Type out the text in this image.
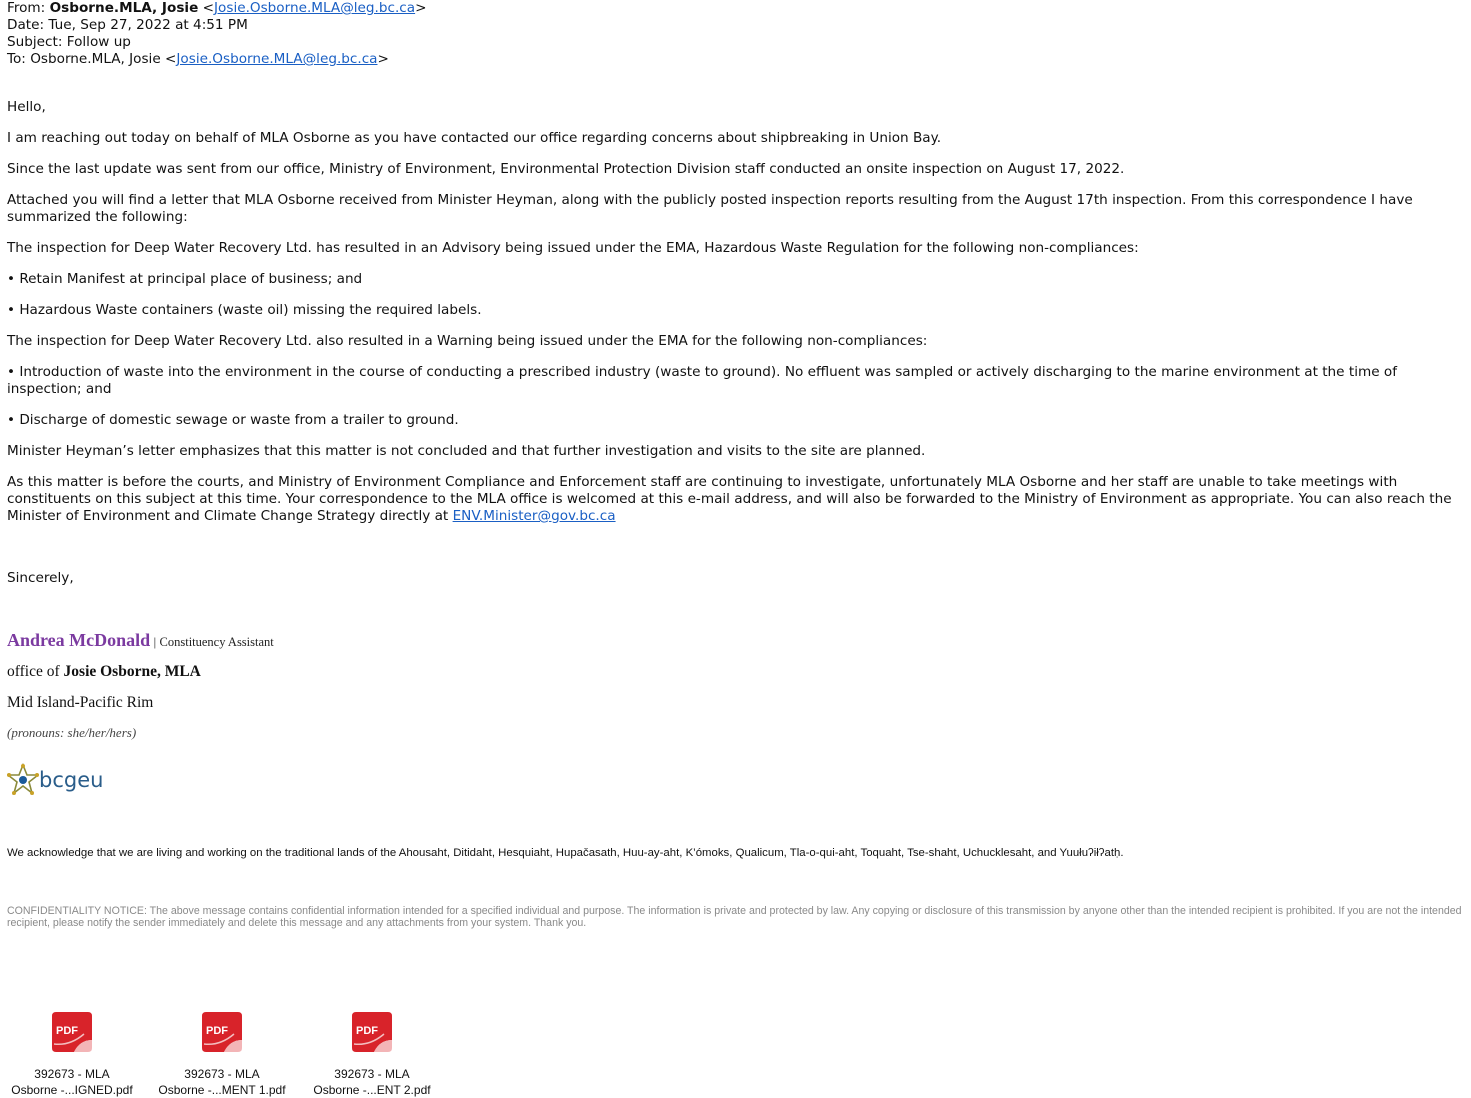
From: Osborne.MLA, Josie <Josie.Osborne.MLA@leg.bc.ca>
Date: Tue, Sep 27, 2022 at 4:51 PM
Subject: Follow up
To: Osborne.MLA, Josie <Josie.Osborne.MLA@leg.bc.ca>

Hello,

I am reaching out today on behalf of MLA Osborne as you have contacted our office regarding concerns about shipbreaking in Union Bay.

Since the last update was sent from our office, Ministry of Environment, Environmental Protection Division staff conducted an onsite inspection on August 17, 2022.

Attached you will find a letter that MLA Osborne received from Minister Heyman, along with the publicly posted inspection reports resulting from the August 17th inspection. From this correspondence I have summarized the following:

The inspection for Deep Water Recovery Ltd. has resulted in an Advisory being issued under the EMA, Hazardous Waste Regulation for the following non-compliances:

• Retain Manifest at principal place of business; and

• Hazardous Waste containers (waste oil) missing the required labels.

The inspection for Deep Water Recovery Ltd. also resulted in a Warning being issued under the EMA for the following non-compliances:

• Introduction of waste into the environment in the course of conducting a prescribed industry (waste to ground). No effluent was sampled or actively discharging to the marine environment at the time of inspection; and

• Discharge of domestic sewage or waste from a trailer to ground.

Minister Heyman’s letter emphasizes that this matter is not concluded and that further investigation and visits to the site are planned.

As this matter is before the courts, and Ministry of Environment Compliance and Enforcement staff are continuing to investigate, unfortunately MLA Osborne and her staff are unable to take meetings with constituents on this subject at this time. Your correspondence to the MLA office is welcomed at this e-mail address, and will also be forwarded to the Ministry of Environment as appropriate. You can also reach the Minister of Environment and Climate Change Strategy directly at ENV.Minister@gov.bc.ca

Sincerely,
Andrea McDonald | Constituency Assistant
office of Josie Osborne, MLA
Mid Island-Pacific Rim
(pronouns: she/her/hers)
bcgeu
We acknowledge that we are living and working on the traditional lands of the Ahousaht, Ditidaht, Hesquiaht, Hupačasath, Huu-ay-aht, K’ómoks, Qualicum, Tla-o-qui-aht, Toquaht, Tse-shaht, Uchucklesaht, and Yuułuʔiłʔatḥ.
CONFIDENTIALITY NOTICE: The above message contains confidential information intended for a specified individual and purpose. The information is private and protected by law. Any copying or disclosure of this transmission by anyone other than the intended recipient is prohibited. If you are not the intended recipient, please notify the sender immediately and delete this message and any attachments from your system. Thank you.
PDF
392673 - MLA
Osborne -...IGNED.pdf
PDF
392673 - MLA
Osborne -...MENT 1.pdf
PDF
392673 - MLA
Osborne -...ENT 2.pdf
